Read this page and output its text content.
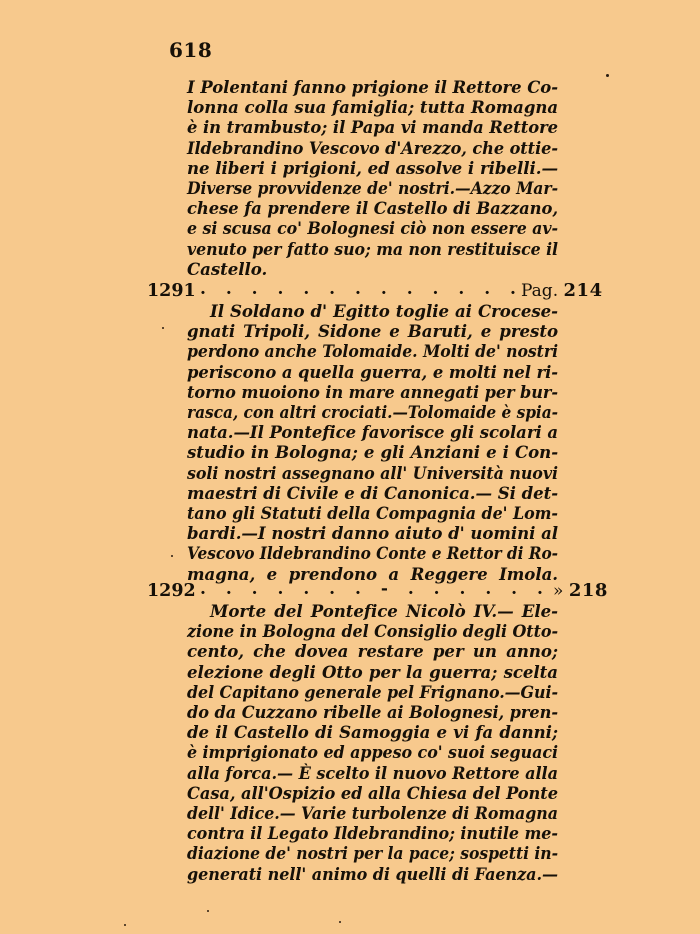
618
I Polentani fanno prigione il Rettore Co-
lonna colla sua famiglia; tutta Romagna
è in trambusto; il Papa vi manda Rettore
Ildebrandino Vescovo d'Arezzo, che ottie-
ne liberi i prigioni, ed assolve i ribelli.—
Diverse provvidenze de' nostri.—Azzo Mar-
chese fa prendere il Castello di Bazzano,
e si scusa co' Bolognesi ciò non essere av-
venuto per fatto suo; ma non restituisce il
Castello.
1291 . . . . . . . . . . . . .
Pag. 214
Il Soldano d' Egitto toglie ai Crocese-
gnati Tripoli, Sidone e Baruti, e presto
perdono anche Tolomaide. Molti de' nostri
periscono a quella guerra, e molti nel ri-
torno muoiono in mare annegati per bur-
rasca, con altri crociati.—Tolomaide è spia-
nata.—Il Pontefice favorisce gli scolari a
studio in Bologna; e gli Anziani e i Con-
soli nostri assegnano all' Università nuovi
maestri di Civile e di Canonica.— Si det-
tano gli Statuti della Compagnia de' Lom-
bardi.—I nostri danno aiuto d' uomini al
Vescovo Ildebrandino Conte e Rettor di Ro-
magna, e prendono a Reggere Imola.
1292 . . . . . . . - . . . . . . » 218
Morte del Pontefice Nicolò IV.— Ele-
zione in Bologna del Consiglio degli Otto-
cento, che dovea restare per un anno;
elezione degli Otto per la guerra; scelta
del Capitano generale pel Frignano.—Gui-
do da Cuzzano ribelle ai Bolognesi, pren-
de il Castello di Samoggia e vi fa danni;
è imprigionato ed appeso co' suoi seguaci
alla forca.— È scelto il nuovo Rettore alla
Casa, all'Ospizio ed alla Chiesa del Ponte
dell' Idice.— Varie turbolenze di Romagna
contra il Legato Ildebrandino; inutile me-
diazione de' nostri per la pace; sospetti in-
generati nell' animo di quelli di Faenza.—
